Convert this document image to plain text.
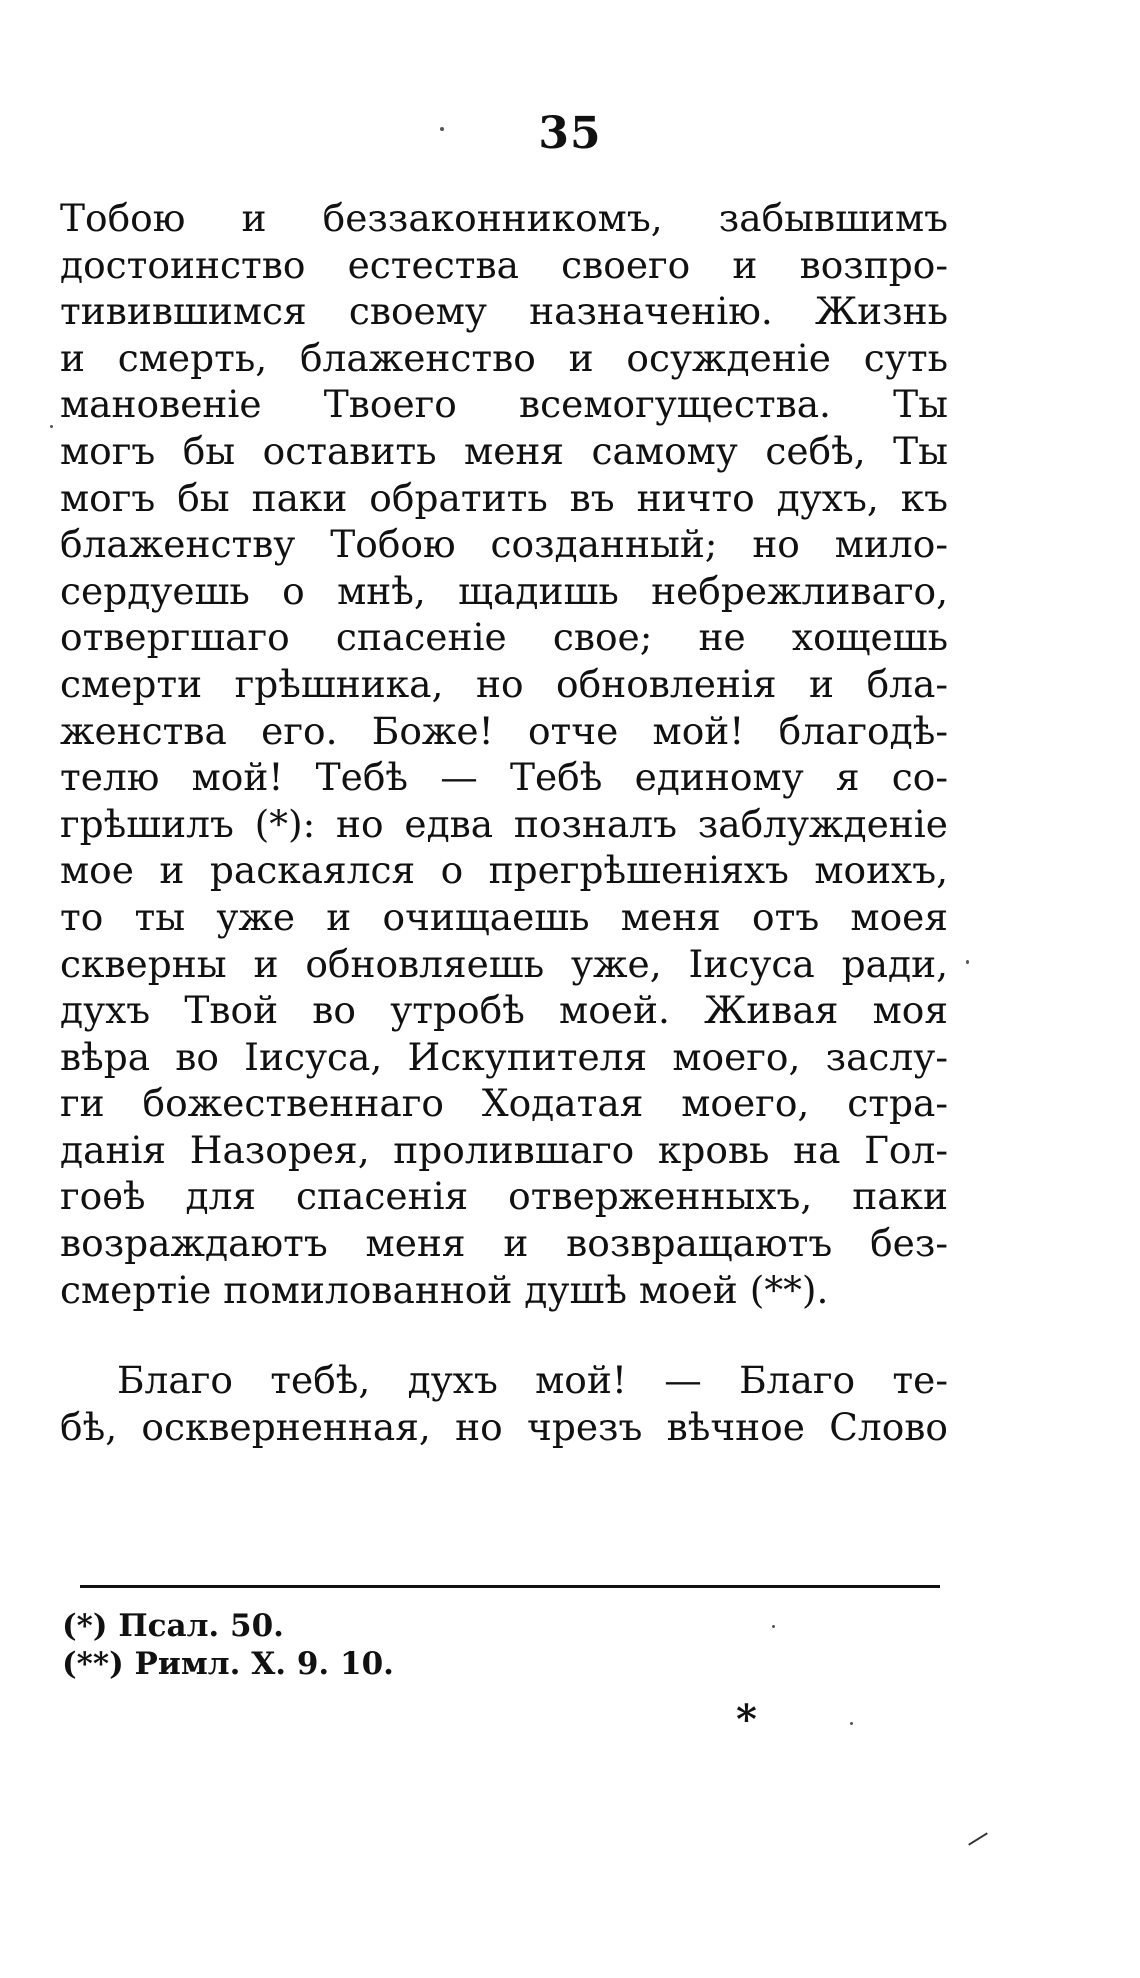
35
Тобою и беззаконникомъ, забывшимъ
достоинство естества своего и возпро-
тивившимся своему назначенію. Жизнь
и смерть, блаженство и осужденіе суть
мановеніе Твоего всемогущества. Ты
могъ бы оставить меня самому себѣ, Ты
могъ бы паки обратить въ ничто духъ, къ
блаженству Тобою созданный; но мило-
сердуешь о мнѣ, щадишь небрежливаго,
отвергшаго спасеніе свое; не хощешь
смерти грѣшника, но обновленія и бла-
женства его. Боже! отче мой! благодѣ-
телю мой! Тебѣ — Тебѣ единому я со-
грѣшилъ (*): но едва позналъ заблужденіе
мое и раскаялся о прегрѣшеніяхъ моихъ,
то ты уже и очищаешь меня отъ моея
скверны и обновляешь уже, Іисуса ради,
духъ Твой во утробѣ моей. Живая моя
вѣра во Іисуса, Искупителя моего, заслу-
ги божественнаго Ходатая моего, стра-
данія Назорея, пролившаго кровь на Гол-
гоѳѣ для спасенія отверженныхъ, паки
возраждаютъ меня и возвращаютъ без-
смертіе помилованной душѣ моей (**).
Благо тебѣ, духъ мой! — Благо те-
бѣ, оскверненная, но чрезъ вѣчное Слово
(*) Псал. 50.
(**) Римл. X. 9. 10.
*
